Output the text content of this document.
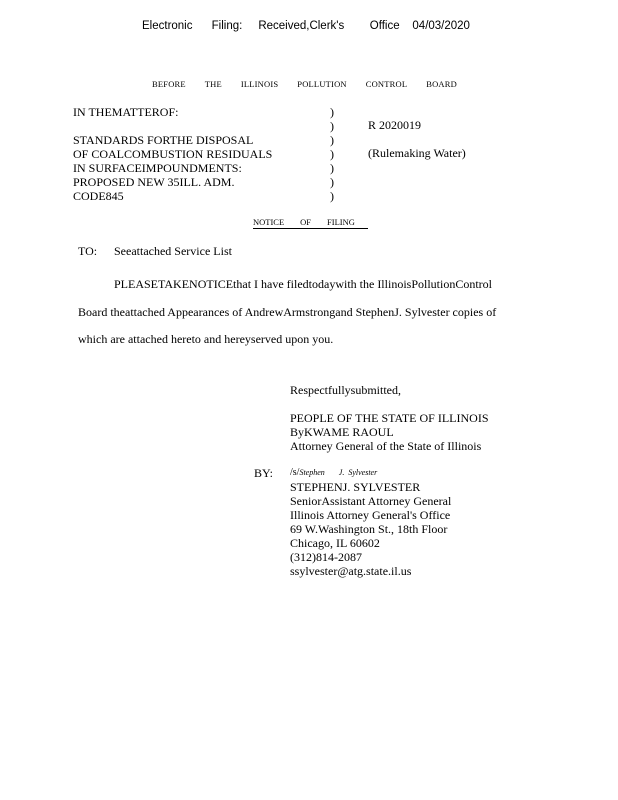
Electronic      Filing:     Received,Clerk's        Office    04/03/2020
BEFORE THE ILLINOIS POLLUTION CONTROL BOARD
IN THEMATTEROF:
STANDARDS FORTHE DISPOSAL
OF COALCOMBUSTION RESIDUALS
IN SURFACEIMPOUNDMENTS:
PROPOSED NEW 35ILL. ADM.
CODE845
)
)
)
)
)
)
)
R 2020019
(Rulemaking Water)
NOTICE OF FILING
TO:	Seeattached Service List
PLEASETAKENOTICEthat I have filedtodaywith the IllinoisPollutionControl
Board theattached Appearances of AndrewArmstrongand StephenJ. Sylvester copies of
which are attached hereto and hereyserved upon you.
Respectfullysubmitted,
PEOPLE OF THE STATE OF ILLINOIS
ByKWAME RAOUL
Attorney General of the State of Illinois
BY:	/s/Stephen       J.  Sylvester
STEPHENJ. SYLVESTER
SeniorAssistant Attorney General
Illinois Attorney General's Office
69 W.Washington St., 18th Floor
Chicago, IL 60602
(312)814-2087
ssylvester@atg.state.il.us
